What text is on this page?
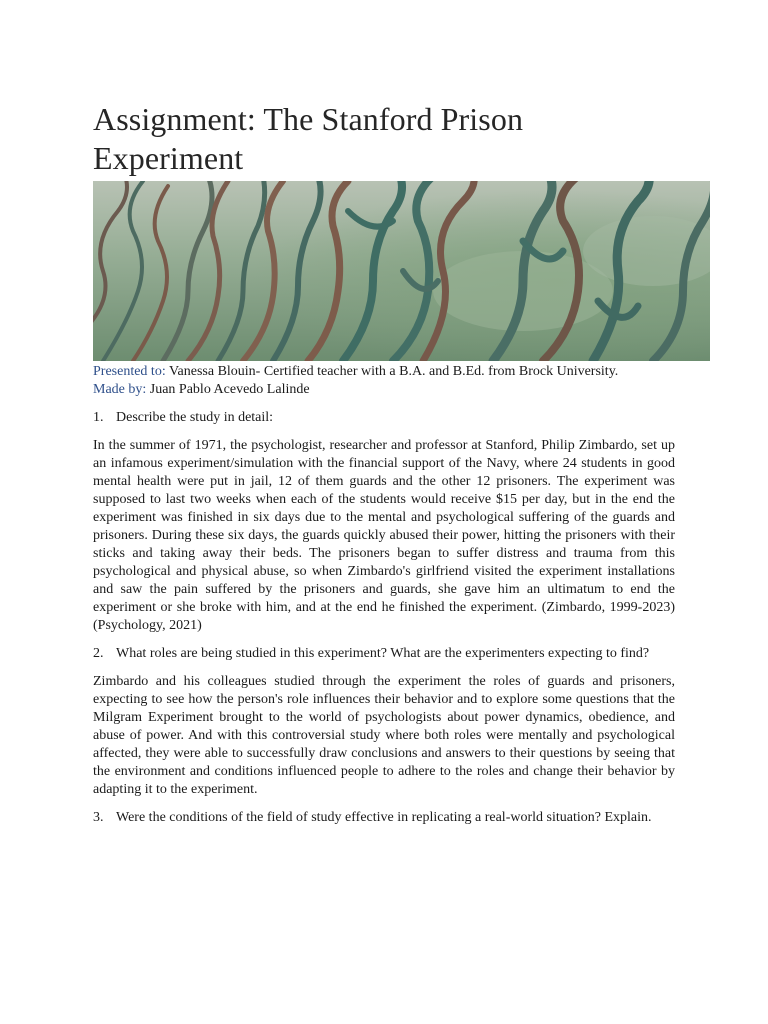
Assignment: The Stanford Prison Experiment
Presented to: Vanessa Blouin- Certified teacher with a B.A. and B.Ed. from Brock University.
Made by: Juan Pablo Acevedo Lalinde
1. Describe the study in detail:
In the summer of 1971, the psychologist, researcher and professor at Stanford, Philip Zimbardo, set up an infamous experiment/simulation with the financial support of the Navy, where 24 students in good mental health were put in jail, 12 of them guards and the other 12 prisoners. The experiment was supposed to last two weeks when each of the students would receive $15 per day, but in the end the experiment was finished in six days due to the mental and psychological suffering of the guards and prisoners. During these six days, the guards quickly abused their power, hitting the prisoners with their sticks and taking away their beds. The prisoners began to suffer distress and trauma from this psychological and physical abuse, so when Zimbardo's girlfriend visited the experiment installations and saw the pain suffered by the prisoners and guards, she gave him an ultimatum to end the experiment or she broke with him, and at the end he finished the experiment. (Zimbardo, 1999-2023) (Psychology, 2021)
2. What roles are being studied in this experiment? What are the experimenters expecting to find?
Zimbardo and his colleagues studied through the experiment the roles of guards and prisoners, expecting to see how the person's role influences their behavior and to explore some questions that the Milgram Experiment brought to the world of psychologists about power dynamics, obedience, and abuse of power. And with this controversial study where both roles were mentally and psychological affected, they were able to successfully draw conclusions and answers to their questions by seeing that the environment and conditions influenced people to adhere to the roles and change their behavior by adapting it to the experiment.
3. Were the conditions of the field of study effective in replicating a real-world situation? Explain.
